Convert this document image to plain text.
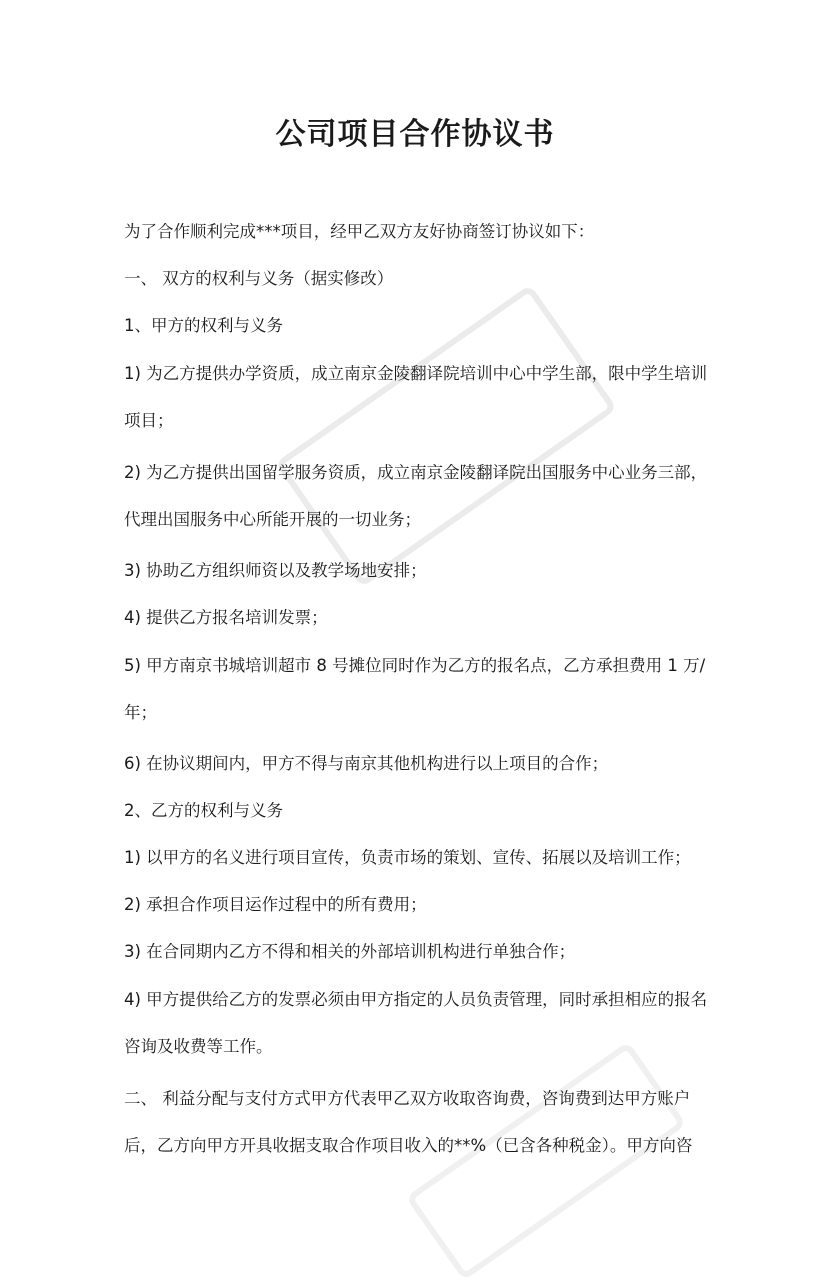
公司项目合作协议书

为了合作顺利完成***项目，经甲乙双方友好协商签订协议如下：

一、 双方的权利与义务（据实修改）

1、甲方的权利与义务

1) 为乙方提供办学资质，成立南京金陵翻译院培训中心中学生部，限中学生培训项目；

2) 为乙方提供出国留学服务资质，成立南京金陵翻译院出国服务中心业务三部，代理出国服务中心所能开展的一切业务；

3) 协助乙方组织师资以及教学场地安排；

4) 提供乙方报名培训发票；

5) 甲方南京书城培训超市 8 号摊位同时作为乙方的报名点，乙方承担费用 1 万/年；

6) 在协议期间内，甲方不得与南京其他机构进行以上项目的合作；

2、乙方的权利与义务

1) 以甲方的名义进行项目宣传，负责市场的策划、宣传、拓展以及培训工作；

2) 承担合作项目运作过程中的所有费用；

3) 在合同期内乙方不得和相关的外部培训机构进行单独合作；

4) 甲方提供给乙方的发票必须由甲方指定的人员负责管理，同时承担相应的报名咨询及收费等工作。

二、 利益分配与支付方式甲方代表甲乙双方收取咨询费，咨询费到达甲方账户后，乙方向甲方开具收据支取合作项目收入的**%（已含各种税金）。甲方向咨
